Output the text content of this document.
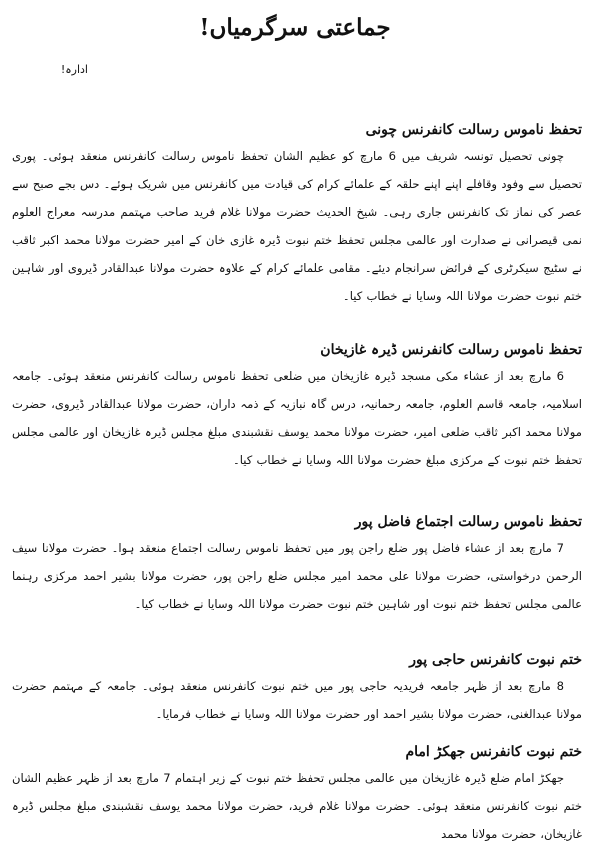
جماعتی سرگرمیاں!
ادارہ!
تحفظ ناموس رسالت کانفرنس چونی
چونی تحصیل تونسہ شریف میں 6 مارچ کو عظیم الشان تحفظ ناموس رسالت کانفرنس منعقد ہوئی۔ پوری تحصیل سے وفود وقافلے اپنے اپنے حلقہ کے علمائے کرام کی قیادت میں کانفرنس میں شریک ہوئے۔ دس بجے صبح سے عصر کی نماز تک کانفرنس جاری رہی۔ شیخ الحدیث حضرت مولانا غلام فرید صاحب مہتمم مدرسہ معراج العلوم نمی قیصرانی نے صدارت اور عالمی مجلس تحفظ ختم نبوت ڈیرہ غازی خان کے امیر حضرت مولانا محمد اکبر ثاقب نے سٹیج سیکرٹری کے فرائض سرانجام دیئے۔ مقامی علمائے کرام کے علاوہ حضرت مولانا عبدالقادر ڈیروی اور شاہین ختم نبوت حضرت مولانا اللہ وسایا نے خطاب کیا۔
تحفظ ناموس رسالت کانفرنس ڈیرہ غازیخان
6 مارچ بعد از عشاء مکی مسجد ڈیرہ غازیخان میں ضلعی تحفظ ناموس رسالت کانفرنس منعقد ہوئی۔ جامعہ اسلامیہ، جامعہ قاسم العلوم، جامعہ رحمانیہ، درس گاہ نبازیہ کے ذمہ داران، حضرت مولانا عبدالقادر ڈیروی، حضرت مولانا محمد اکبر ثاقب ضلعی امیر، حضرت مولانا محمد یوسف نقشبندی مبلغ مجلس ڈیرہ غازیخان اور عالمی مجلس تحفظ ختم نبوت کے مرکزی مبلغ حضرت مولانا اللہ وسایا نے خطاب کیا۔
تحفظ ناموس رسالت اجتماع فاضل پور
7 مارچ بعد از عشاء فاضل پور ضلع راجن پور میں تحفظ ناموس رسالت اجتماع منعقد ہوا۔ حضرت مولانا سیف الرحمن درخواستی، حضرت مولانا علی محمد امیر مجلس ضلع راجن پور، حضرت مولانا بشیر احمد مرکزی رہنما عالمی مجلس تحفظ ختم نبوت اور شاہین ختم نبوت حضرت مولانا اللہ وسایا نے خطاب کیا۔
ختم نبوت کانفرنس حاجی پور
8 مارچ بعد از ظہر جامعہ فریدیہ حاجی پور میں ختم نبوت کانفرنس منعقد ہوئی۔ جامعہ کے مہتمم حضرت مولانا عبدالغنی، حضرت مولانا بشیر احمد اور حضرت مولانا اللہ وسایا نے خطاب فرمایا۔
ختم نبوت کانفرنس جھکڑ امام
جھکڑ امام ضلع ڈیرہ غازیخان میں عالمی مجلس تحفظ ختم نبوت کے زیر اہتمام 7 مارچ بعد از ظہر عظیم الشان ختم نبوت کانفرنس منعقد ہوئی۔ حضرت مولانا غلام فرید، حضرت مولانا محمد یوسف نقشبندی مبلغ مجلس ڈیرہ غازیخان، حضرت مولانا محمد
